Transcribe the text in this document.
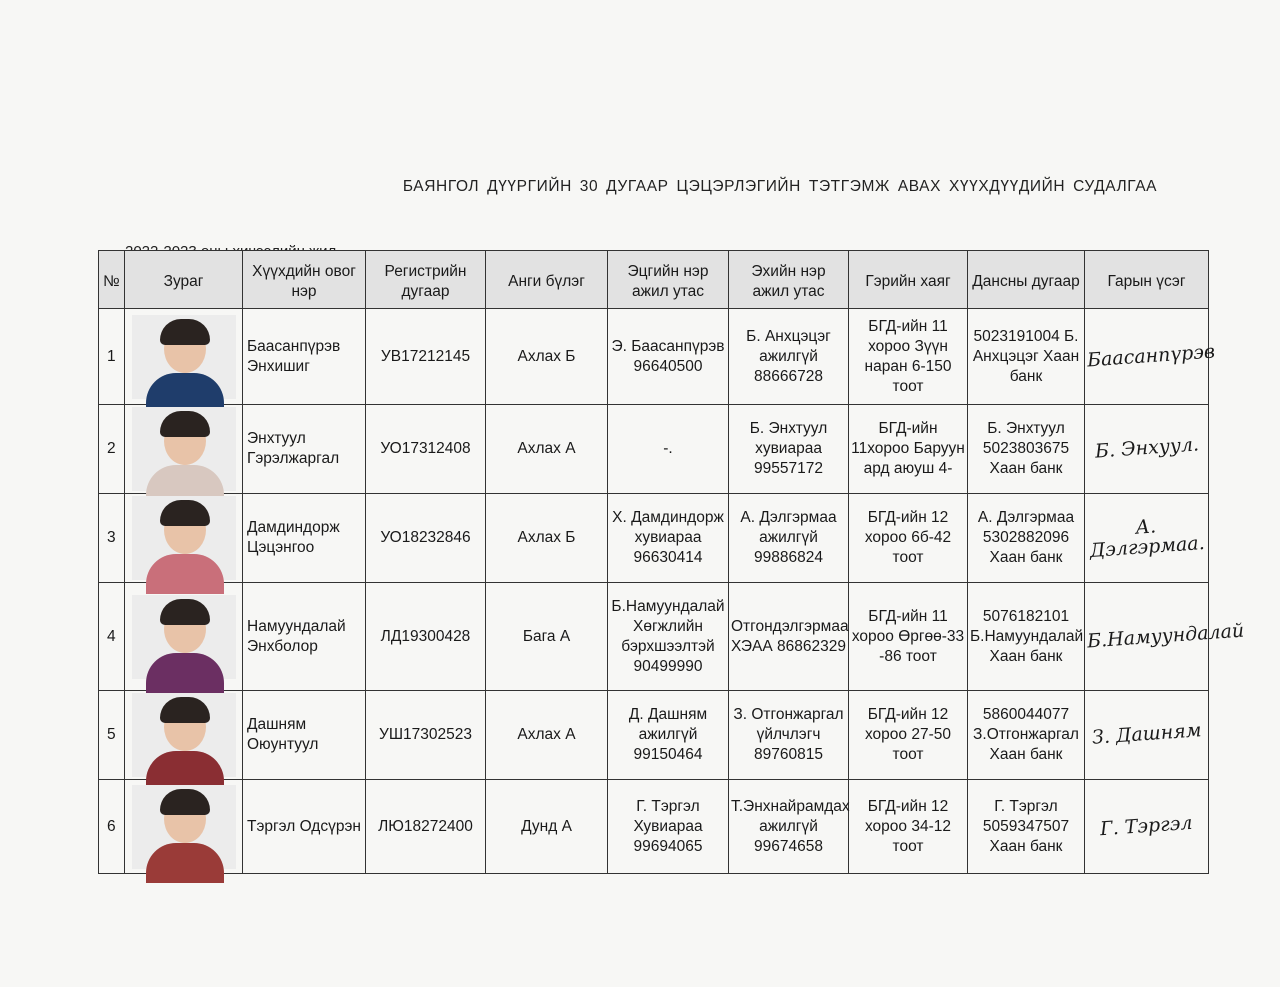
БАЯНГОЛ ДҮҮРГИЙН 30 ДУГААР ЦЭЦЭРЛЭГИЙН ТЭТГЭМЖ АВАХ ХҮҮХДҮҮДИЙН СУДАЛГАА
№	Зураг	Хүүхдийн овог нэр	Регистрийн дугаар	Анги бүлэг	Эцгийн нэр ажил утас	Эхийн нэр ажил утас	Гэрийн хаяг	Дансны дугаар	Гарын үсэг
1		Баасанпүрэв Энхишиг	УВ17212145	Ахлах Б	Э. Баасанпүрэв 96640500	Б. Анхцэцэг ажилгүй 88666728	БГД-ийн 11 хороо Зүүн наран 6-150 тоот	5023191004 Б. Анхцэцэг Хаан банк	Баасанпүрэв
2		Энхтуул Гэрэлжаргал	УО17312408	Ахлах А	-.	Б. Энхтуул хувиараа 99557172	БГД-ийн 11хороо Баруун ард аюуш 4-	Б. Энхтуул 5023803675 Хаан банк	Б. Энхуул.
3		Дамдиндорж Цэцэнгоо	УО18232846	Ахлах Б	Х. Дамдиндорж хувиараа 96630414	А. Дэлгэрмаа ажилгүй 99886824	БГД-ийн 12 хороо 6б-42 тоот	А. Дэлгэрмаа 5302882096 Хаан банк	А. Дэлгэрмаа.
4		Намуундалай Энхболор	ЛД19300428	Бага А	Б.Намуундалай Хөгжлийн бэрхшээлтэй 90499990	Отгондэлгэрмаа ХЭАА 86862329	БГД-ийн 11 хороо Өргөө-33 -86 тоот	5076182101 Б.Намуундалай Хаан банк	Б.Намуундалай
5		Дашням Оюунтуул	УШ17302523	Ахлах А	Д. Дашням ажилгүй 99150464	З. Отгонжаргал үйлчлэгч 89760815	БГД-ийн 12 хороо 27-50 тоот	5860044077 З.Отгонжаргал Хаан банк	З. Дашням
6		Тэргэл Одсүрэн	ЛЮ18272400	Дунд А	Г. Тэргэл Хувиараа 99694065	Т.Энхнайрамдах ажилгүй 99674658	БГД-ийн 12 хороо 34-12 тоот	Г. Тэргэл 5059347507 Хаан банк	Г. Тэргэл
